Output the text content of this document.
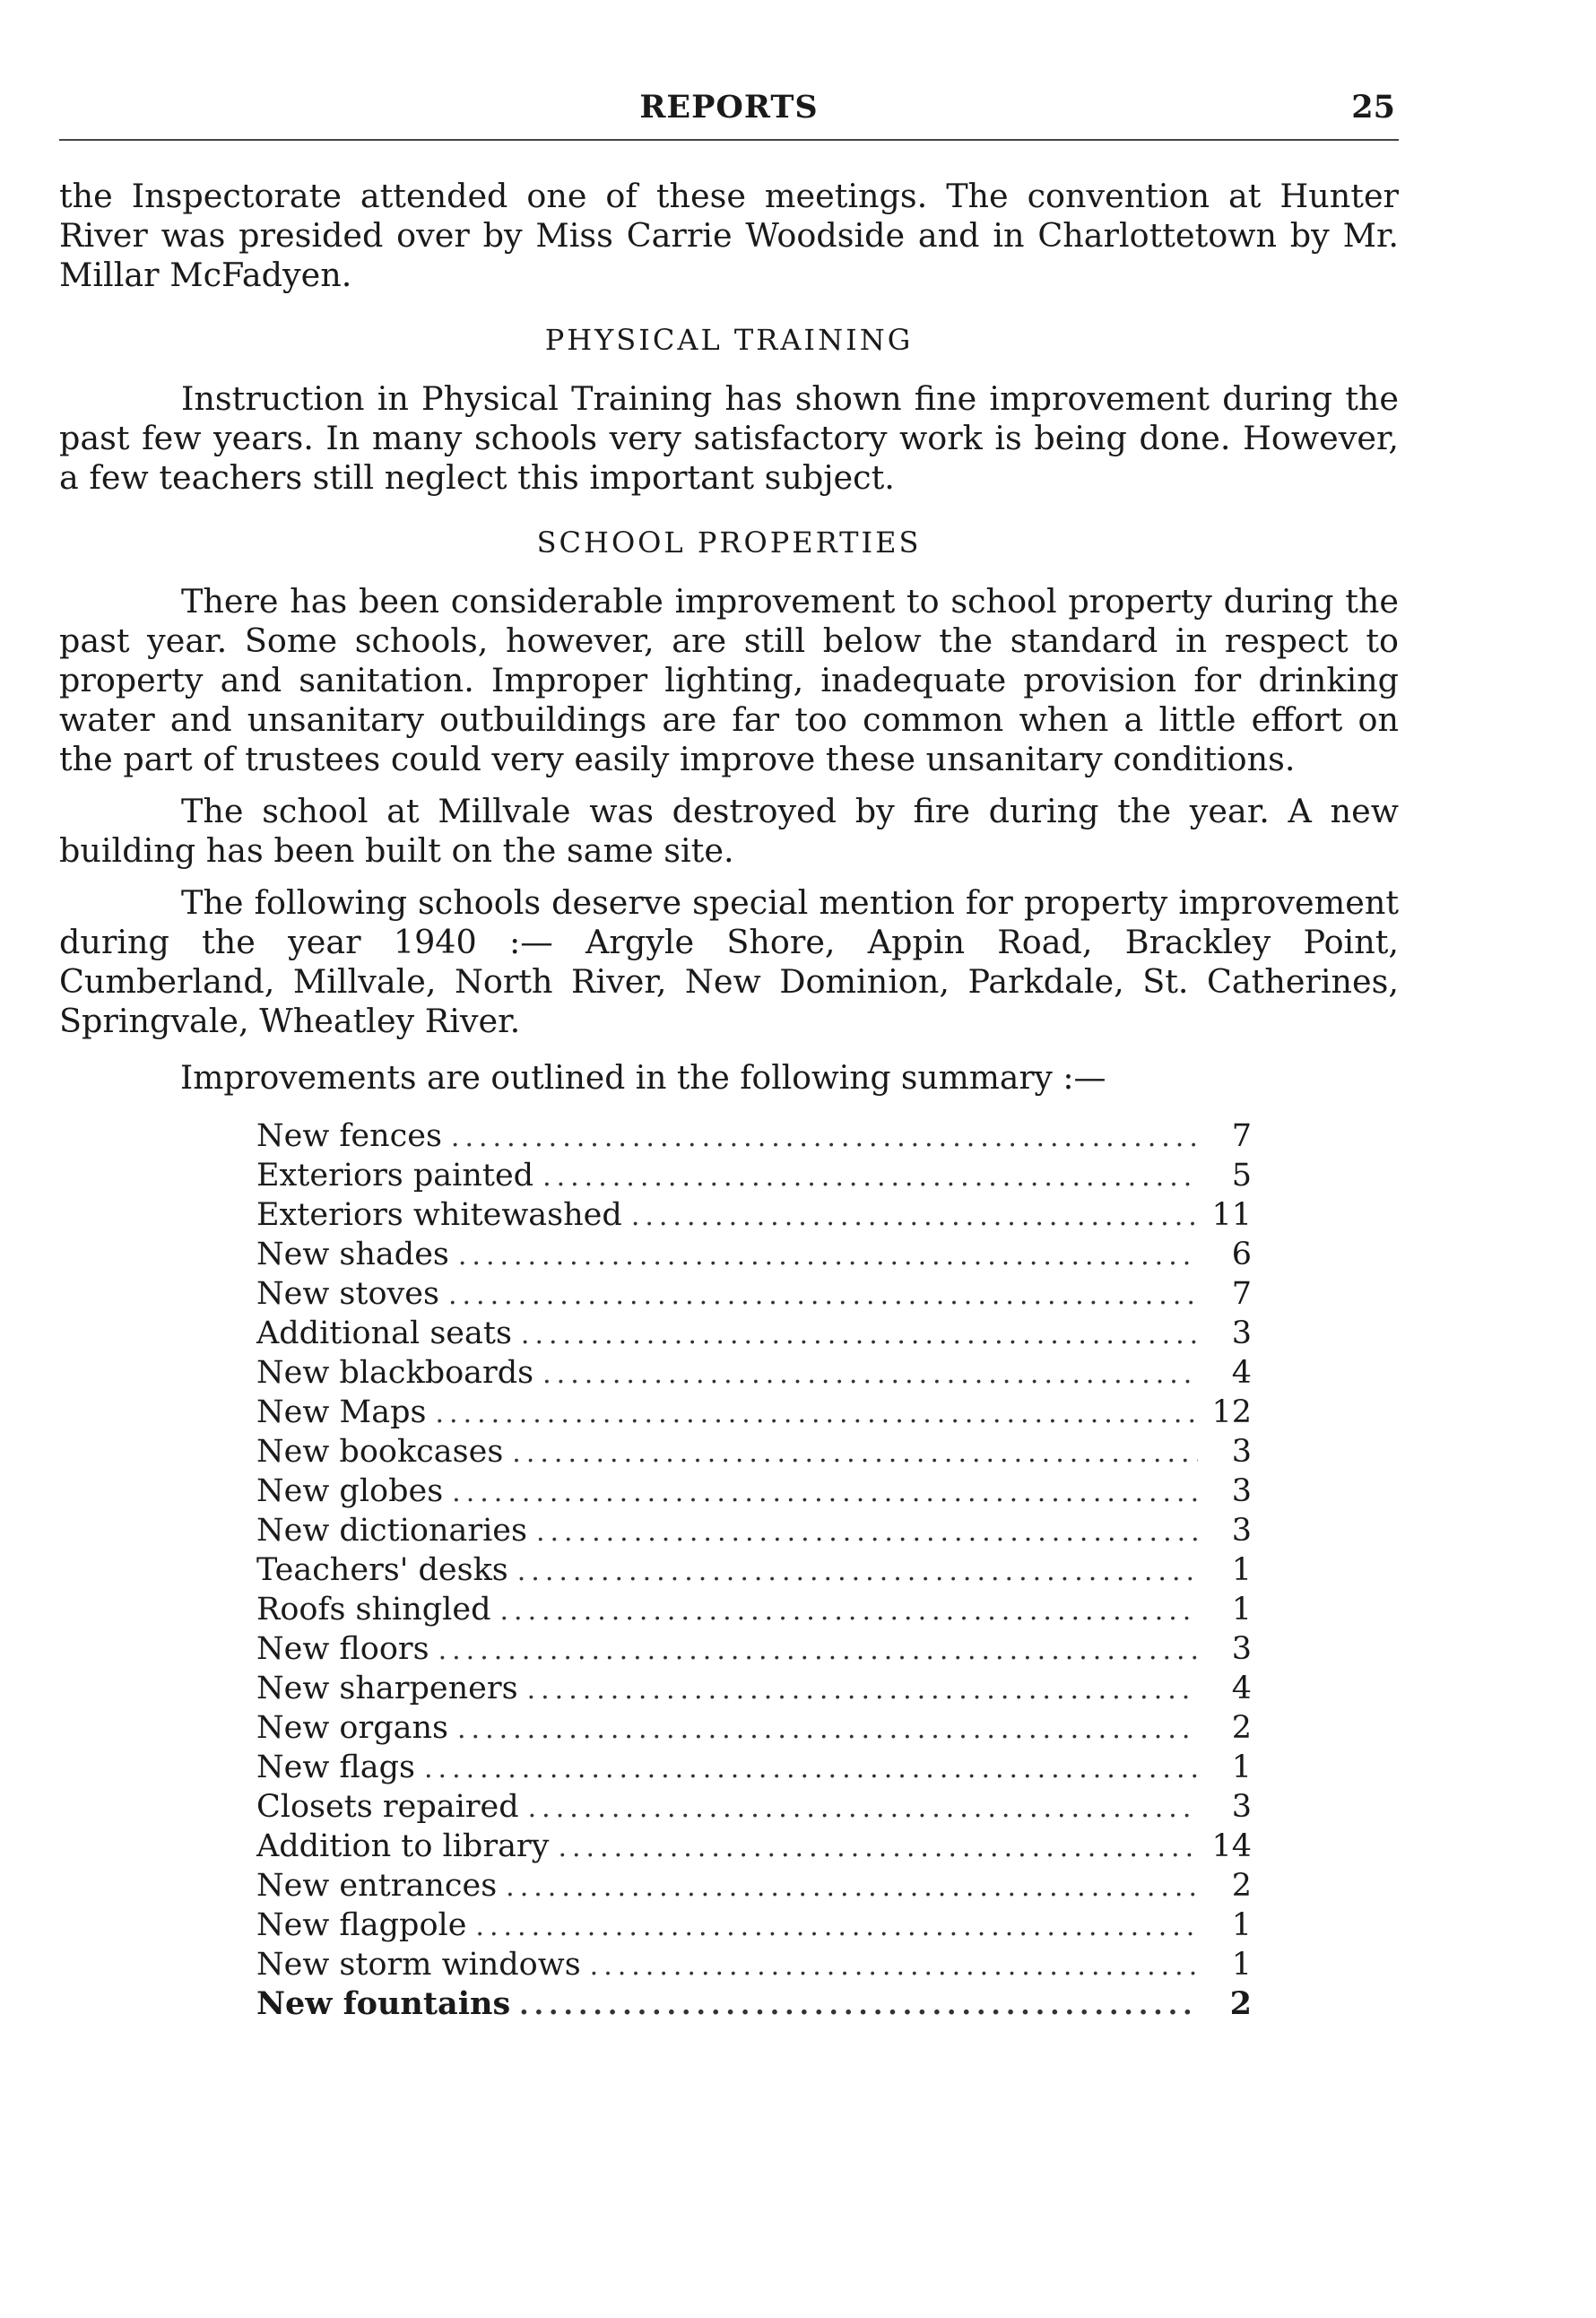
REPORTS	25

the Inspectorate attended one of these meetings. The convention at Hunter River was presided over by Miss Carrie Woodside and in Charlottetown by Mr. Millar McFadyen.

PHYSICAL TRAINING

Instruction in Physical Training has shown fine improvement during the past few years. In many schools very satisfactory work is being done. However, a few teachers still neglect this important subject.

SCHOOL PROPERTIES

There has been considerable improvement to school property during the past year. Some schools, however, are still below the standard in respect to property and sanitation. Improper lighting, inadequate provision for drinking water and unsanitary outbuildings are far too common when a little effort on the part of trustees could very easily improve these unsanitary conditions.

The school at Millvale was destroyed by fire during the year. A new building has been built on the same site.

The following schools deserve special mention for property improvement during the year 1940 :— Argyle Shore, Appin Road, Brackley Point, Cumberland, Millvale, North River, New Dominion, Parkdale, St. Catherines, Springvale, Wheatley River.

Improvements are outlined in the following summary :—
New fences .....	7
Exteriors painted .....	5
Exteriors whitewashed .....	11
New shades .....	6
New stoves .....	7
Additional seats .....	3
New blackboards .....	4
New Maps .....	12
New bookcases .....	3
New globes .....	3
New dictionaries .....	3
Teachers' desks .....	1
Roofs shingled .....	1
New floors .....	3
New sharpeners .....	4
New organs .....	2
New flags .....	1
Closets repaired .....	3
Addition to library .....	14
New entrances .....	2
New flagpole .....	1
New storm windows .....	1
New fountains .....	2
